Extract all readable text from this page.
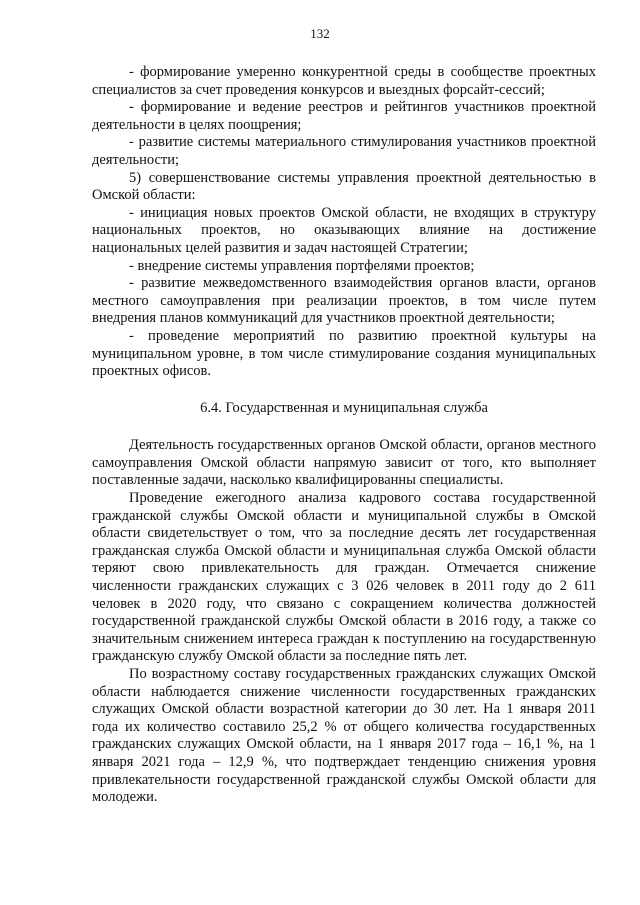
132

- формирование умеренно конкурентной среды в сообществе проектных специалистов за счет проведения конкурсов и выездных форсайт-сессий;

- формирование и ведение реестров и рейтингов участников проектной деятельности в целях поощрения;

- развитие системы материального стимулирования участников проектной деятельности;

5) совершенствование системы управления проектной деятельностью в Омской области:

- инициация новых проектов Омской области, не входящих в структуру национальных проектов, но оказывающих влияние на достижение национальных целей развития и задач настоящей Стратегии;

- внедрение системы управления портфелями проектов;

- развитие межведомственного взаимодействия органов власти, органов местного самоуправления при реализации проектов, в том числе путем внедрения планов коммуникаций для участников проектной деятельности;

- проведение мероприятий по развитию проектной культуры на муниципальном уровне, в том числе стимулирование создания муниципальных проектных офисов.

6.4. Государственная и муниципальная служба

Деятельность государственных органов Омской области, органов местного самоуправления Омской области напрямую зависит от того, кто выполняет поставленные задачи, насколько квалифицированны специалисты.

Проведение ежегодного анализа кадрового состава государственной гражданской службы Омской области и муниципальной службы в Омской области свидетельствует о том, что за последние десять лет государственная гражданская служба Омской области и муниципальная служба Омской области теряют свою привлекательность для граждан. Отмечается снижение численности гражданских служащих с 3 026 человек в 2011 году до 2 611 человек в 2020 году, что связано с сокращением количества должностей государственной гражданской службы Омской области в 2016 году, а также со значительным снижением интереса граждан к поступлению на государственную гражданскую службу Омской области за последние пять лет.

По возрастному составу государственных гражданских служащих Омской области наблюдается снижение численности государственных гражданских служащих Омской области возрастной категории до 30 лет. На 1 января 2011 года их количество составило 25,2 % от общего количества государственных гражданских служащих Омской области, на 1 января 2017 года – 16,1 %, на 1 января 2021 года – 12,9 %, что подтверждает тенденцию снижения уровня привлекательности государственной гражданской службы Омской области для молодежи.
